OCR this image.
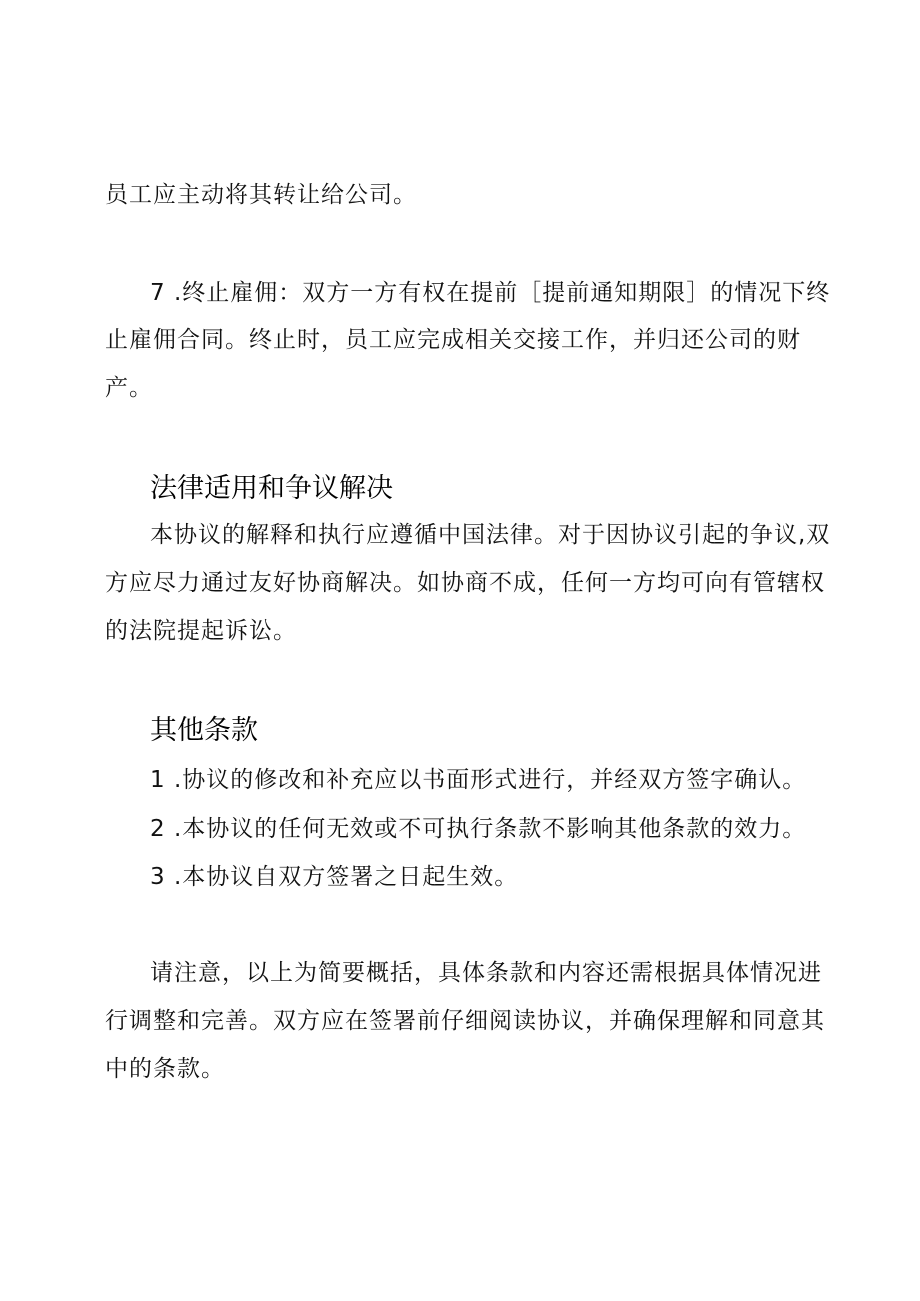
员工应主动将其转让给公司。
7 .终止雇佣：双方一方有权在提前［提前通知期限］的情况下终
止雇佣合同。终止时，员工应完成相关交接工作，并归还公司的财
产。
法律适用和争议解决
本协议的解释和执行应遵循中国法律。对于因协议引起的争议,双
方应尽力通过友好协商解决。如协商不成，任何一方均可向有管辖权
的法院提起诉讼。
其他条款
1 .协议的修改和补充应以书面形式进行，并经双方签字确认。
2 .本协议的任何无效或不可执行条款不影响其他条款的效力。
3 .本协议自双方签署之日起生效。
请注意，以上为简要概括，具体条款和内容还需根据具体情况进
行调整和完善。双方应在签署前仔细阅读协议，并确保理解和同意其
中的条款。
